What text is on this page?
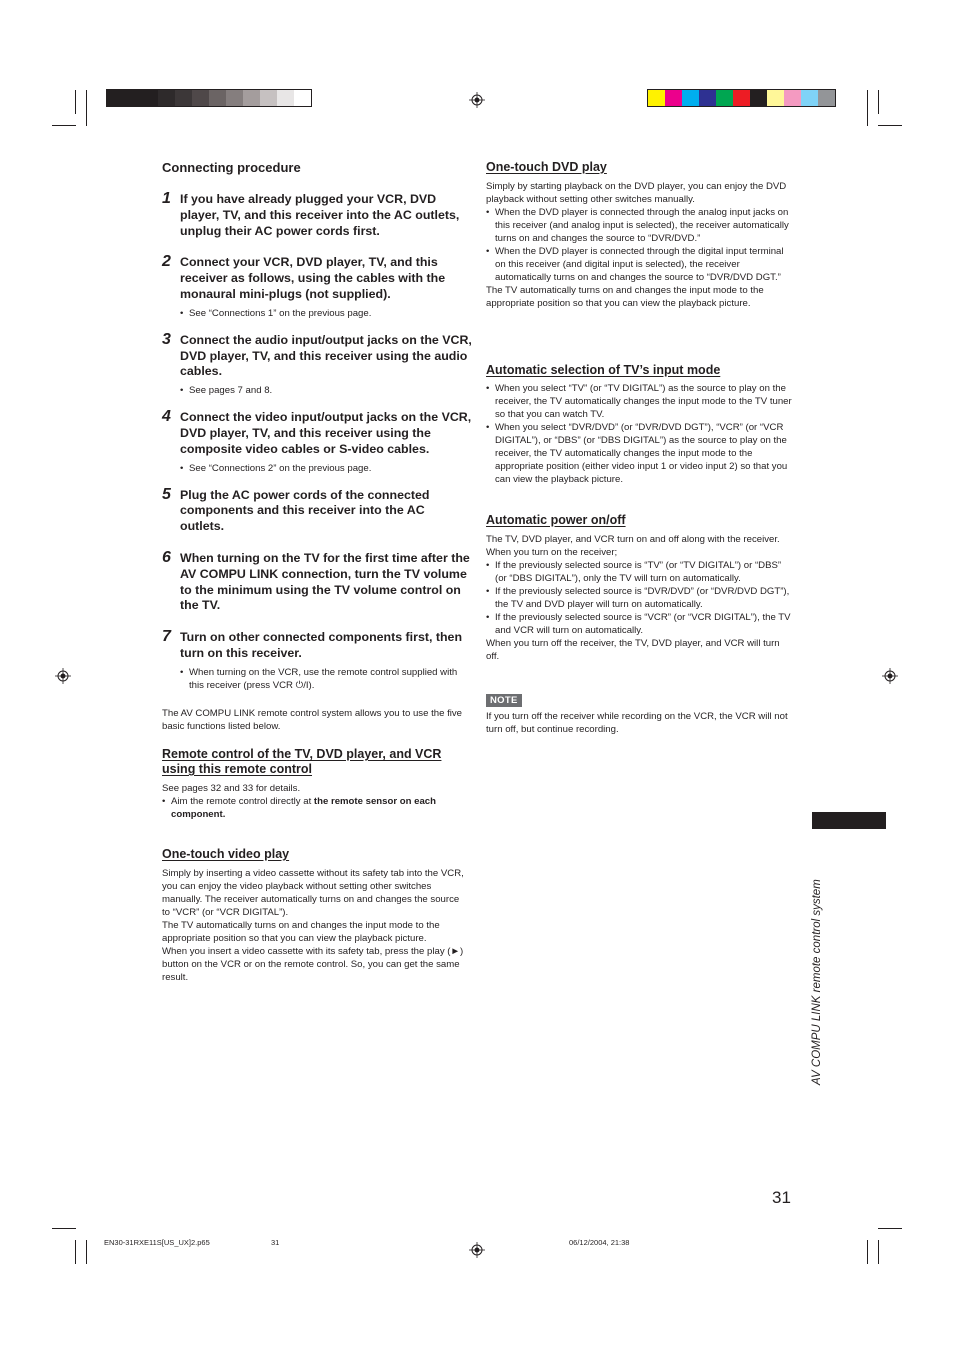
Connecting procedure
1 If you have already plugged your VCR, DVD player, TV, and this receiver into the AC outlets, unplug their AC power cords first.
2 Connect your VCR, DVD player, TV, and this receiver as follows, using the cables with the monaural mini-plugs (not supplied).
• See “Connections 1” on the previous page.
3 Connect the audio input/output jacks on the VCR, DVD player, TV, and this receiver using the audio cables.
• See pages 7 and 8.
4 Connect the video input/output jacks on the VCR, DVD player, TV, and this receiver using the composite video cables or S-video cables.
• See “Connections 2” on the previous page.
5 Plug the AC power cords of the connected components and this receiver into the AC outlets.
6 When turning on the TV for the first time after the AV COMPU LINK connection, turn the TV volume to the minimum using the TV volume control on the TV.
7 Turn on other connected components first, then turn on this receiver.
• When turning on the VCR, use the remote control supplied with this receiver (press VCR ⏻/I).
The AV COMPU LINK remote control system allows you to use the five basic functions listed below.
Remote control of the TV, DVD player, and VCR using this remote control
See pages 32 and 33 for details.
• Aim the remote control directly at the remote sensor on each component.
One-touch video play
Simply by inserting a video cassette without its safety tab into the VCR, you can enjoy the video playback without setting other switches manually. The receiver automatically turns on and changes the source to “VCR” (or “VCR DIGITAL”).
The TV automatically turns on and changes the input mode to the appropriate position so that you can view the playback picture.
When you insert a video cassette with its safety tab, press the play (►) button on the VCR or on the remote control. So, you can get the same result.
One-touch DVD play
Simply by starting playback on the DVD player, you can enjoy the DVD playback without setting other switches manually.
• When the DVD player is connected through the analog input jacks on this receiver (and analog input is selected), the receiver automatically turns on and changes the source to “DVR/DVD.”
• When the DVD player is connected through the digital input terminal on this receiver (and digital input is selected), the receiver automatically turns on and changes the source to “DVR/DVD DGT.”
The TV automatically turns on and changes the input mode to the appropriate position so that you can view the playback picture.
Automatic selection of TV’s input mode
• When you select “TV” (or “TV DIGITAL”) as the source to play on the receiver, the TV automatically changes the input mode to the TV tuner so that you can watch TV.
• When you select “DVR/DVD” (or “DVR/DVD DGT”), “VCR” (or “VCR DIGITAL”), or “DBS” (or “DBS DIGITAL”) as the source to play on the receiver, the TV automatically changes the input mode to the appropriate position (either video input 1 or video input 2) so that you can view the playback picture.
Automatic power on/off
The TV, DVD player, and VCR turn on and off along with the receiver.
When you turn on the receiver;
• If the previously selected source is “TV” (or “TV DIGITAL”) or “DBS” (or “DBS DIGITAL”), only the TV will turn on automatically.
• If the previously selected source is “DVR/DVD” (or “DVR/DVD DGT”), the TV and DVD player will turn on automatically.
• If the previously selected source is “VCR” (or “VCR DIGITAL”), the TV and VCR will turn on automatically.
When you turn off the receiver, the TV, DVD player, and VCR will turn off.
NOTE
If you turn off the receiver while recording on the VCR, the VCR will not turn off, but continue recording.
AV COMPU LINK remote control system
31
EN30-31RXE11S[US_UX]2.p65	31	06/12/2004, 21:38
